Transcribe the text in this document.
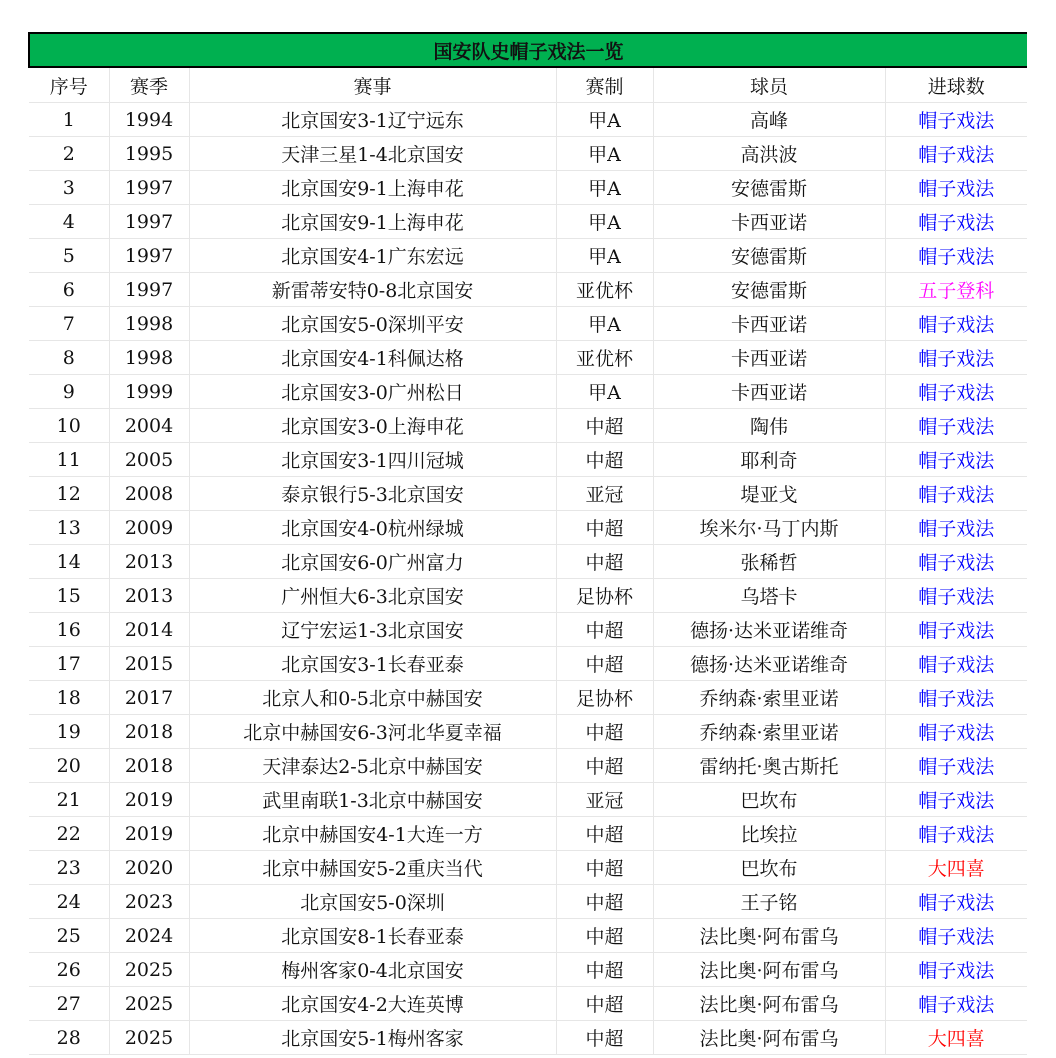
国安队史帽子戏法一览					
序号	赛季	赛事	赛制	球员	进球数
1	1994	北京国安3-1辽宁远东	甲A	高峰	帽子戏法
2	1995	天津三星1-4北京国安	甲A	高洪波	帽子戏法
3	1997	北京国安9-1上海申花	甲A	安德雷斯	帽子戏法
4	1997	北京国安9-1上海申花	甲A	卡西亚诺	帽子戏法
5	1997	北京国安4-1广东宏远	甲A	安德雷斯	帽子戏法
6	1997	新雷蒂安特0-8北京国安	亚优杯	安德雷斯	五子登科
7	1998	北京国安5-0深圳平安	甲A	卡西亚诺	帽子戏法
8	1998	北京国安4-1科佩达格	亚优杯	卡西亚诺	帽子戏法
9	1999	北京国安3-0广州松日	甲A	卡西亚诺	帽子戏法
10	2004	北京国安3-0上海申花	中超	陶伟	帽子戏法
11	2005	北京国安3-1四川冠城	中超	耶利奇	帽子戏法
12	2008	泰京银行5-3北京国安	亚冠	堤亚戈	帽子戏法
13	2009	北京国安4-0杭州绿城	中超	埃米尔·马丁内斯	帽子戏法
14	2013	北京国安6-0广州富力	中超	张稀哲	帽子戏法
15	2013	广州恒大6-3北京国安	足协杯	乌塔卡	帽子戏法
16	2014	辽宁宏运1-3北京国安	中超	德扬·达米亚诺维奇	帽子戏法
17	2015	北京国安3-1长春亚泰	中超	德扬·达米亚诺维奇	帽子戏法
18	2017	北京人和0-5北京中赫国安	足协杯	乔纳森·索里亚诺	帽子戏法
19	2018	北京中赫国安6-3河北华夏幸福	中超	乔纳森·索里亚诺	帽子戏法
20	2018	天津泰达2-5北京中赫国安	中超	雷纳托·奥古斯托	帽子戏法
21	2019	武里南联1-3北京中赫国安	亚冠	巴坎布	帽子戏法
22	2019	北京中赫国安4-1大连一方	中超	比埃拉	帽子戏法
23	2020	北京中赫国安5-2重庆当代	中超	巴坎布	大四喜
24	2023	北京国安5-0深圳	中超	王子铭	帽子戏法
25	2024	北京国安8-1长春亚泰	中超	法比奥·阿布雷乌	帽子戏法
26	2025	梅州客家0-4北京国安	中超	法比奥·阿布雷乌	帽子戏法
27	2025	北京国安4-2大连英博	中超	法比奥·阿布雷乌	帽子戏法
28	2025	北京国安5-1梅州客家	中超	法比奥·阿布雷乌	大四喜
